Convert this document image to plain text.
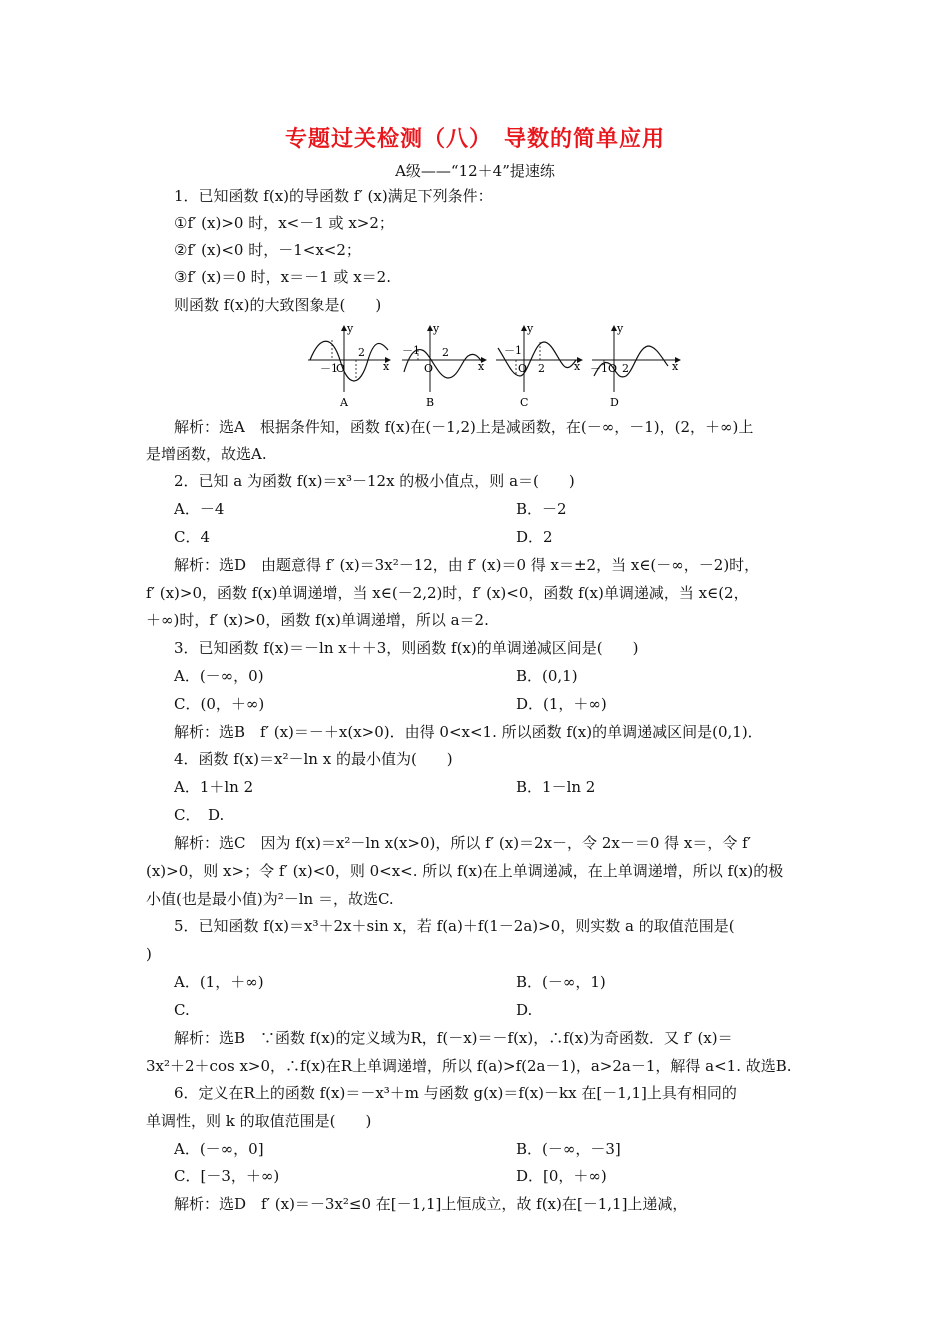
专题过关检测（八）　导数的简单应用
A级——“12＋4”提速练
1．已知函数 f(x)的导函数 f′ (x)满足下列条件：
①f′ (x)>0 时，x<－1 或 x>2；
②f′ (x)<0 时，－1<x<2；
③f′ (x)＝0 时，x＝－1 或 x＝2.
则函数 f(x)的大致图象是(　　)
y
x
－1
O
2
A
y
x
－1
O
2
B
y
x
－1
O 2
C
y
x
－1 O 2
D
解析：选A　根据条件知，函数 f(x)在(－1,2)上是减函数，在(－∞，－1)，(2，＋∞)上
是增函数，故选A.
2．已知 a 为函数 f(x)＝x³－12x 的极小值点，则 a＝(　　)
A．－4	B．－2
C．4	D．2
解析：选D　由题意得 f′ (x)＝3x²－12，由 f′ (x)＝0 得 x＝±2，当 x∈(－∞，－2)时，
f′ (x)>0，函数 f(x)单调递增，当 x∈(－2,2)时，f′ (x)<0，函数 f(x)单调递减，当 x∈(2，
＋∞)时，f′ (x)>0，函数 f(x)单调递增，所以 a＝2.
3．已知函数 f(x)＝－ln x＋＋3，则函数 f(x)的单调递减区间是(　　)
A．(－∞，0)	B．(0,1)
C．(0，＋∞)	D．(1，＋∞)
解析：选B　f′ (x)＝－＋x(x>0)．由得 0<x<1. 所以函数 f(x)的单调递减区间是(0,1)．
4．函数 f(x)＝x²－ln x 的最小值为(　　)
A．1＋ln 2	B．1－ln 2
C．　D.
解析：选C　因为 f(x)＝x²－ln x(x>0)，所以 f′ (x)＝2x－，令 2x－＝0 得 x＝，令 f′
(x)>0，则 x>；令 f′ (x)<0，则 0<x<. 所以 f(x)在上单调递减，在上单调递增，所以 f(x)的极
小值(也是最小值)为²－ln ＝，故选C.
5．已知函数 f(x)＝x³＋2x＋sin x，若 f(a)＋f(1－2a)>0，则实数 a 的取值范围是(
)
A．(1，＋∞)	B．(－∞，1)
C.	D.
解析：选B　∵函数 f(x)的定义域为R，f(－x)＝－f(x)，∴f(x)为奇函数．又 f′ (x)＝
3x²＋2＋cos x>0，∴f(x)在R上单调递增，所以 f(a)>f(2a－1)，a>2a－1，解得 a<1. 故选B.
6．定义在R上的函数 f(x)＝－x³＋m 与函数 g(x)＝f(x)－kx 在[－1,1]上具有相同的
单调性，则 k 的取值范围是(　　)
A．(－∞，0]	B．(－∞，－3]
C．[－3，＋∞)	D．[0，＋∞)
解析：选D　f′ (x)＝－3x²≤0 在[－1,1]上恒成立，故 f(x)在[－1,1]上递减，
